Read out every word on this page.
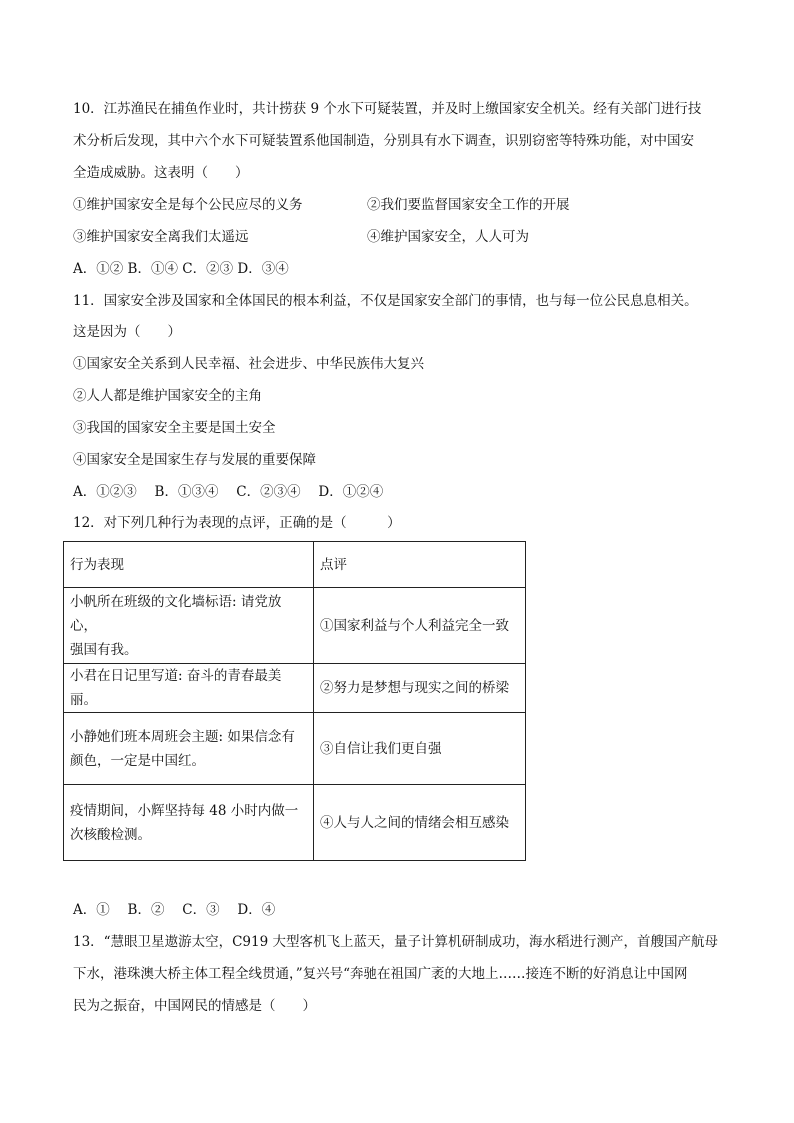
10．江苏渔民在捕鱼作业时，共计捞获 9 个水下可疑装置，并及时上缴国家安全机关。经有关部门进行技
术分析后发现，其中六个水下可疑装置系他国制造，分别具有水下调查，识别窃密等特殊功能，对中国安
全造成威胁。这表明（　　）
①维护国家安全是每个公民应尽的义务	②我们要监督国家安全工作的开展
③维护国家安全离我们太遥远	④维护国家安全，人人可为
A．①② B．①④ C．②③ D．③④
11．国家安全涉及国家和全体国民的根本利益，不仅是国家安全部门的事情，也与每一位公民息息相关。
这是因为（　　）
①国家安全关系到人民幸福、社会进步、中华民族伟大复兴
②人人都是维护国家安全的主角
③我国的国家安全主要是国土安全
④国家安全是国家生存与发展的重要保障
A．①②③　 B．①③④　 C．②③④　 D．①②④
12．对下列几种行为表现的点评，正确的是（　　　）
行为表现	点评

小帆所在班级的文化墙标语: 请党放心，
强国有我。	①国家利益与个人利益完全一致

小君在日记里写道: 奋斗的青春最美丽。	②努力是梦想与现实之间的桥梁

小静她们班本周班会主题: 如果信念有
颜色，一定是中国红。	③自信让我们更自强

疫情期间，小辉坚持每 48 小时内做一
次核酸检测。	④人与人之间的情绪会相互感染
A．①　 B．②　 C．③　 D．④
13．“慧眼卫星遨游太空，C919 大型客机飞上蓝天，量子计算机研制成功，海水稻进行测产，首艘国产航母
下水，港珠澳大桥主体工程全线贯通，”复兴号“奔驰在祖国广袤的大地上……接连不断的好消息让中国网
民为之振奋，中国网民的情感是（　　）
